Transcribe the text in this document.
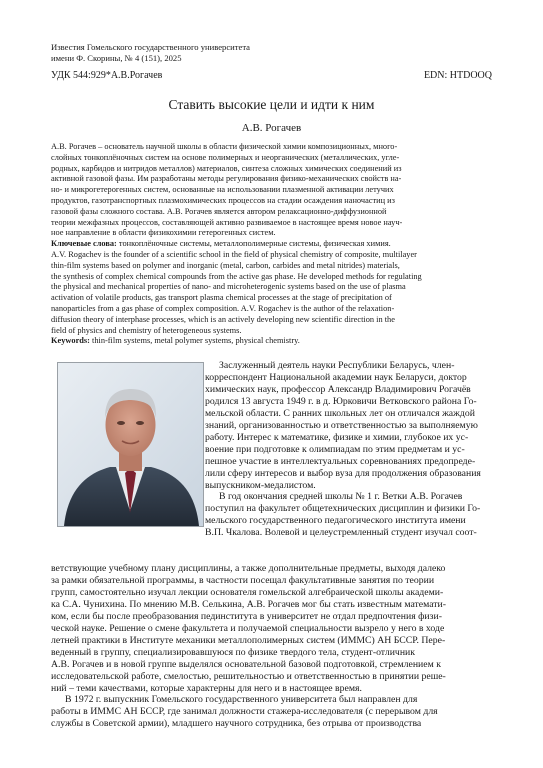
Известия Гомельского государственного университета
имени Ф. Скорины, № 4 (151), 2025
УДК 544:929*А.В.Рогачев	EDN: HTDOOQ
Ставить высокие цели и идти к ним
А.В. Рогачев
А.В. Рогачев – основатель научной школы в области физической химии композиционных, много-
слойных тонкоплёночных систем на основе полимерных и неорганических (металлических, угле-
родных, карбидов и нитридов металлов) материалов, синтеза сложных химических соединений из
активной газовой фазы. Им разработаны методы регулирования физико-механических свойств на-
но- и микрогетерогенных систем, основанные на использовании плазменной активации летучих
продуктов, газотранспортных плазмохимических процессов на стадии осаждения наночастиц из
газовой фазы сложного состава. А.В. Рогачев является автором релаксационно-диффузионной
теории межфазных процессов, составляющей активно развиваемое в настоящее время новое науч-
ное направление в области физикохимии гетерогенных систем.
Ключевые слова: тонкоплёночные системы, металлополимерные системы, физическая химия.
A.V. Rogachev is the founder of a scientific school in the field of physical chemistry of composite, multilayer
thin-film systems based on polymer and inorganic (metal, carbon, carbides and metal nitrides) materials,
the synthesis of complex chemical compounds from the active gas phase. He developed methods for regulating
the physical and mechanical properties of nano- and microheterogenic systems based on the use of plasma
activation of volatile products, gas transport plasma chemical processes at the stage of precipitation of
nanoparticles from a gas phase of complex composition. A.V. Rogachev is the author of the relaxation-
diffusion theory of interphase processes, which is an actively developing new scientific direction in the
field of physics and chemistry of heterogeneous systems.
Keywords: thin-film systems, metal polymer systems, physical chemistry.
Заслуженный деятель науки Республики Беларусь, член-
корреспондент Национальной академии наук Беларуси, доктор
химических наук, профессор Александр Владимирович Рогачёв
родился 13 августа 1949 г. в д. Юрковичи Ветковского района Го-
мельской области. С ранних школьных лет он отличался жаждой
знаний, организованностью и ответственностью за выполняемую
работу. Интерес к математике, физике и химии, глубокое их ус-
воение при подготовке к олимпиадам по этим предметам и ус-
пешное участие в интеллектуальных соревнованиях предопреде-
лили сферу интересов и выбор вуза для продолжения образования
выпускником-медалистом.
В год окончания средней школы № 1 г. Ветки А.В. Рогачев
поступил на факультет общетехнических дисциплин и физики Го-
мельского государственного педагогического института имени
В.П. Чкалова. Волевой и целеустремленный студент изучал соот-
ветствующие учебному плану дисциплины, а также дополнительные предметы, выходя далеко
за рамки обязательной программы, в частности посещал факультативные занятия по теории
групп, самостоятельно изучал лекции основателя гомельской алгебраической школы академи-
ка С.А. Чунихина. По мнению М.В. Селькина, А.В. Рогачев мог бы стать известным математи-
ком, если бы после преобразования пединститута в университет не отдал предпочтения физи-
ческой науке. Решение о смене факультета и получаемой специальности вызрело у него в ходе
летней практики в Институте механики металлополимерных систем (ИММС) АН БССР. Пере-
веденный в группу, специализировавшуюся по физике твердого тела, студент-отличник
А.В. Рогачев и в новой группе выделялся основательной базовой подготовкой, стремлением к
исследовательской работе, смелостью, решительностью и ответственностью в принятии реше-
ний – теми качествами, которые характерны для него и в настоящее время.
В 1972 г. выпускник Гомельского государственного университета был направлен для
работы в ИММС АН БССР, где занимал должности стажера-исследователя (с перерывом для
службы в Советской армии), младшего научного сотрудника, без отрыва от производства
